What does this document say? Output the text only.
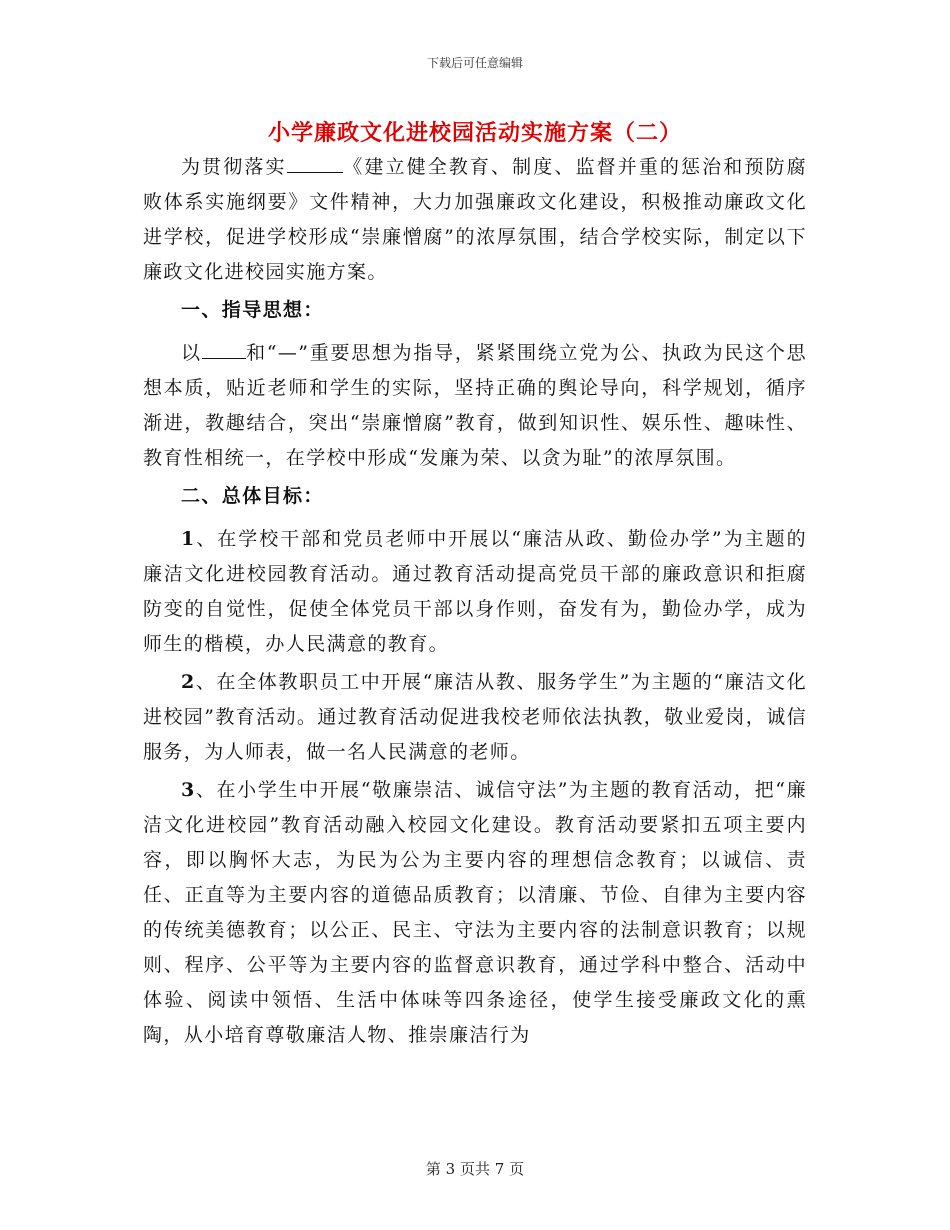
下载后可任意编辑
小学廉政文化进校园活动实施方案（二）

为贯彻落实	《建立健全教育、制度、监督并重的惩治和预防腐败体系实施纲要》文件精神，大力加强廉政文化建设，积极推动廉政文化进学校，促进学校形成“崇廉憎腐”的浓厚氛围，结合学校实际，制定以下廉政文化进校园实施方案。

一、指导思想：

以 和“—”重要思想为指导，紧紧围绕立党为公、执政为民这个思想本质，贴近老师和学生的实际，坚持正确的舆论导向，科学规划，循序渐进，教趣结合，突出“崇廉憎腐”教育，做到知识性、娱乐性、趣味性、教育性相统一，在学校中形成“发廉为荣、以贪为耻”的浓厚氛围。

二、总体目标：

1、在学校干部和党员老师中开展以“廉洁从政、勤俭办学”为主题的廉洁文化进校园教育活动。通过教育活动提高党员干部的廉政意识和拒腐防变的自觉性，促使全体党员干部以身作则，奋发有为，勤俭办学，成为师生的楷模，办人民满意的教育。

2、在全体教职员工中开展“廉洁从教、服务学生”为主题的“廉洁文化进校园”教育活动。通过教育活动促进我校老师依法执教，敬业爱岗，诚信服务，为人师表，做一名人民满意的老师。

3、在小学生中开展“敬廉崇洁、诚信守法”为主题的教育活动，把“廉洁文化进校园”教育活动融入校园文化建设。教育活动要紧扣五项主要内容，即以胸怀大志，为民为公为主要内容的理想信念教育；以诚信、责任、正直等为主要内容的道德品质教育；以清廉、节俭、自律为主要内容的传统美德教育；以公正、民主、守法为主要内容的法制意识教育；以规则、程序、公平等为主要内容的监督意识教育，通过学科中整合、活动中体验、阅读中领悟、生活中体味等四条途径，使学生接受廉政文化的熏陶，从小培育尊敬廉洁人物、推崇廉洁行为

第 3 页共 7 页
